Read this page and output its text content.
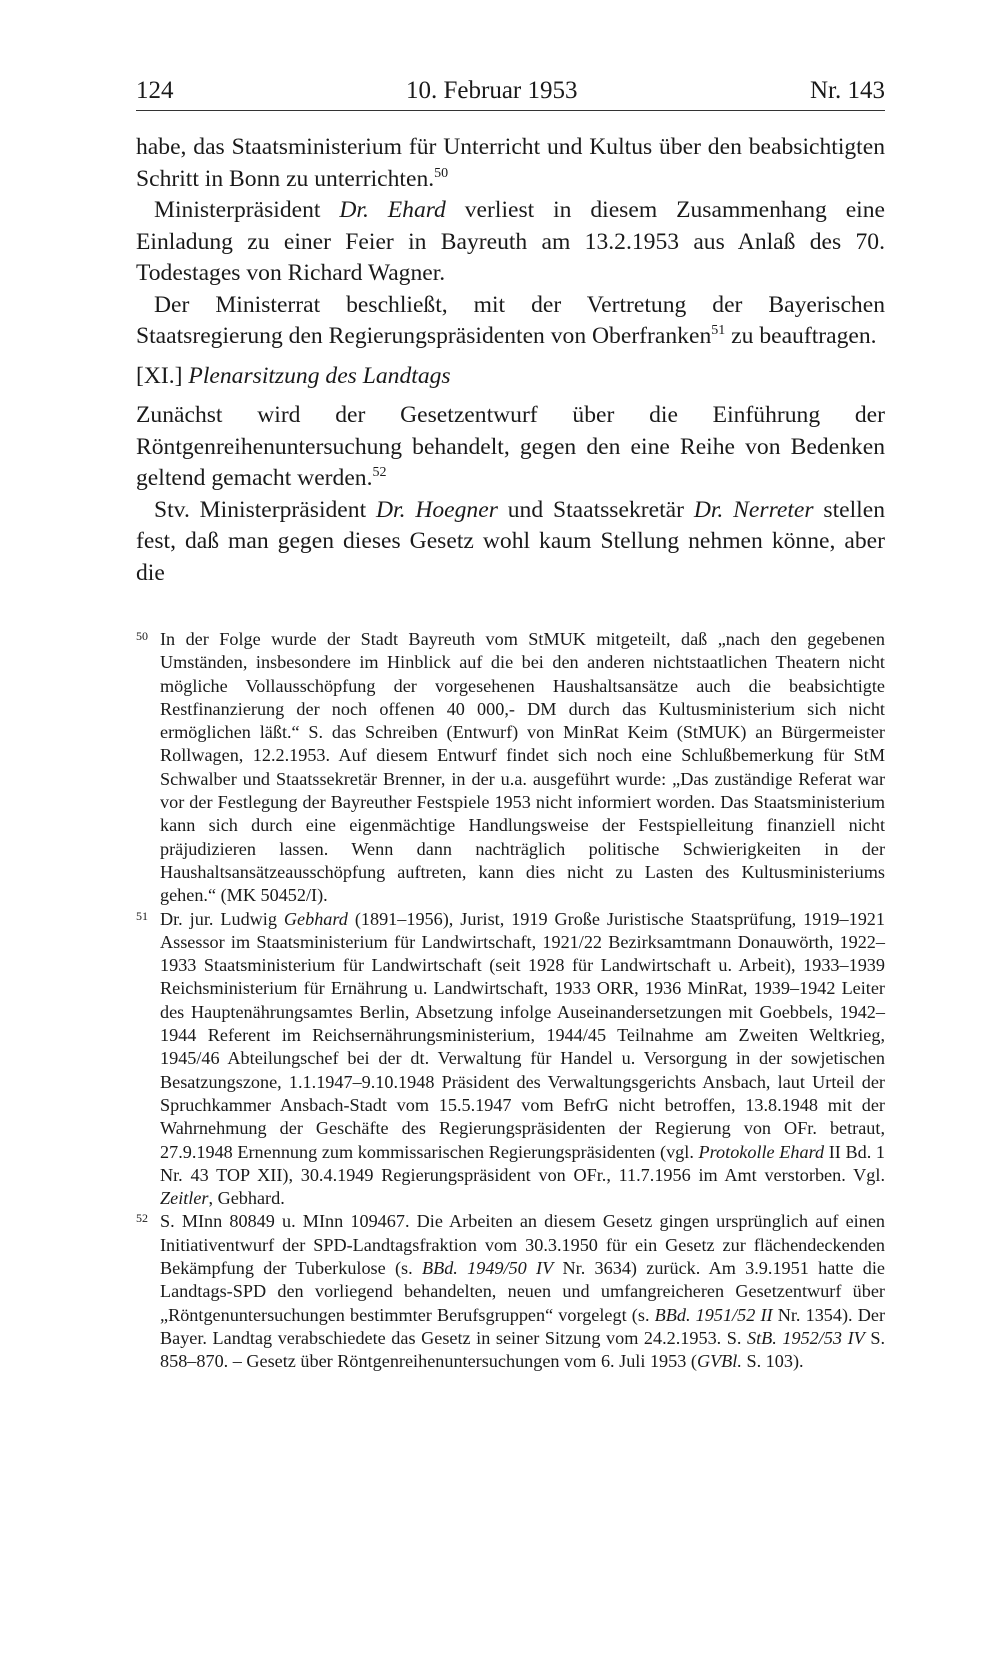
124	10. Februar 1953	Nr. 143

habe, das Staatsministerium für Unterricht und Kultus über den beabsichtigten Schritt in Bonn zu unterrichten.$^{50}$

Ministerpräsident Dr. Ehard verliest in diesem Zusammenhang eine Einladung zu einer Feier in Bayreuth am 13.2.1953 aus Anlaß des 70. Todestages von Richard Wagner.

Der Ministerrat beschließt, mit der Vertretung der Bayerischen Staatsregierung den Regierungspräsidenten von Oberfranken$^{51}$ zu beauftragen.

[XI.] Plenarsitzung des Landtags

Zunächst wird der Gesetzentwurf über die Einführung der Röntgenreihenuntersuchung behandelt, gegen den eine Reihe von Bedenken geltend gemacht werden.$^{52}$

Stv. Ministerpräsident Dr. Hoegner und Staatssekretär Dr. Nerreter stellen fest, daß man gegen dieses Gesetz wohl kaum Stellung nehmen könne, aber die

50 In der Folge wurde der Stadt Bayreuth vom StMUK mitgeteilt, daß „nach den gegebenen Umständen, insbesondere im Hinblick auf die bei den anderen nichtstaatlichen Theatern nicht mögliche Vollausschöpfung der vorgesehenen Haushaltsansätze auch die beabsichtigte Restfinanzierung der noch offenen 40 000,- DM durch das Kultusministerium sich nicht ermöglichen läßt.“ S. das Schreiben (Entwurf) von MinRat Keim (StMUK) an Bürgermeister Rollwagen, 12.2.1953. Auf diesem Entwurf findet sich noch eine Schlußbemerkung für StM Schwalber und Staatssekretär Brenner, in der u.a. ausgeführt wurde: „Das zuständige Referat war vor der Festlegung der Bayreuther Festspiele 1953 nicht informiert worden. Das Staatsministerium kann sich durch eine eigenmächtige Handlungsweise der Festspielleitung finanziell nicht präjudizieren lassen. Wenn dann nachträglich politische Schwierigkeiten in der Haushaltsansätzeausschöpfung auftreten, kann dies nicht zu Lasten des Kultusministeriums gehen.“ (MK 50452/I).
51 Dr. jur. Ludwig Gebhard (1891–1956), Jurist, 1919 Große Juristische Staatsprüfung, 1919–1921 Assessor im Staatsministerium für Landwirtschaft, 1921/22 Bezirksamtmann Donauwörth, 1922–1933 Staatsministerium für Landwirtschaft (seit 1928 für Landwirtschaft u. Arbeit), 1933–1939 Reichsministerium für Ernährung u. Landwirtschaft, 1933 ORR, 1936 MinRat, 1939–1942 Leiter des Hauptenährungsamtes Berlin, Absetzung infolge Auseinandersetzungen mit Goebbels, 1942–1944 Referent im Reichsernährungsministerium, 1944/45 Teilnahme am Zweiten Weltkrieg, 1945/46 Abteilungschef bei der dt. Verwaltung für Handel u. Versorgung in der sowjetischen Besatzungszone, 1.1.1947–9.10.1948 Präsident des Verwaltungsgerichts Ansbach, laut Urteil der Spruchkammer Ansbach-Stadt vom 15.5.1947 vom BefrG nicht betroffen, 13.8.1948 mit der Wahrnehmung der Geschäfte des Regierungspräsidenten der Regierung von OFr. betraut, 27.9.1948 Ernennung zum kommissarischen Regierungspräsidenten (vgl. Protokolle Ehard II Bd. 1 Nr. 43 TOP XII), 30.4.1949 Regierungspräsident von OFr., 11.7.1956 im Amt verstorben. Vgl. Zeitler, Gebhard.
52 S. MInn 80849 u. MInn 109467. Die Arbeiten an diesem Gesetz gingen ursprünglich auf einen Initiativentwurf der SPD-Landtagsfraktion vom 30.3.1950 für ein Gesetz zur flächendeckenden Bekämpfung der Tuberkulose (s. BBd. 1949/50 IV Nr. 3634) zurück. Am 3.9.1951 hatte die Landtags-SPD den vorliegend behandelten, neuen und umfangreicheren Gesetzentwurf über „Röntgenuntersuchungen bestimmter Berufsgruppen“ vorgelegt (s. BBd. 1951/52 II Nr. 1354). Der Bayer. Landtag verabschiedete das Gesetz in seiner Sitzung vom 24.2.1953. S. StB. 1952/53 IV S. 858–870. – Gesetz über Röntgenreihenuntersuchungen vom 6. Juli 1953 (GVBl. S. 103).
